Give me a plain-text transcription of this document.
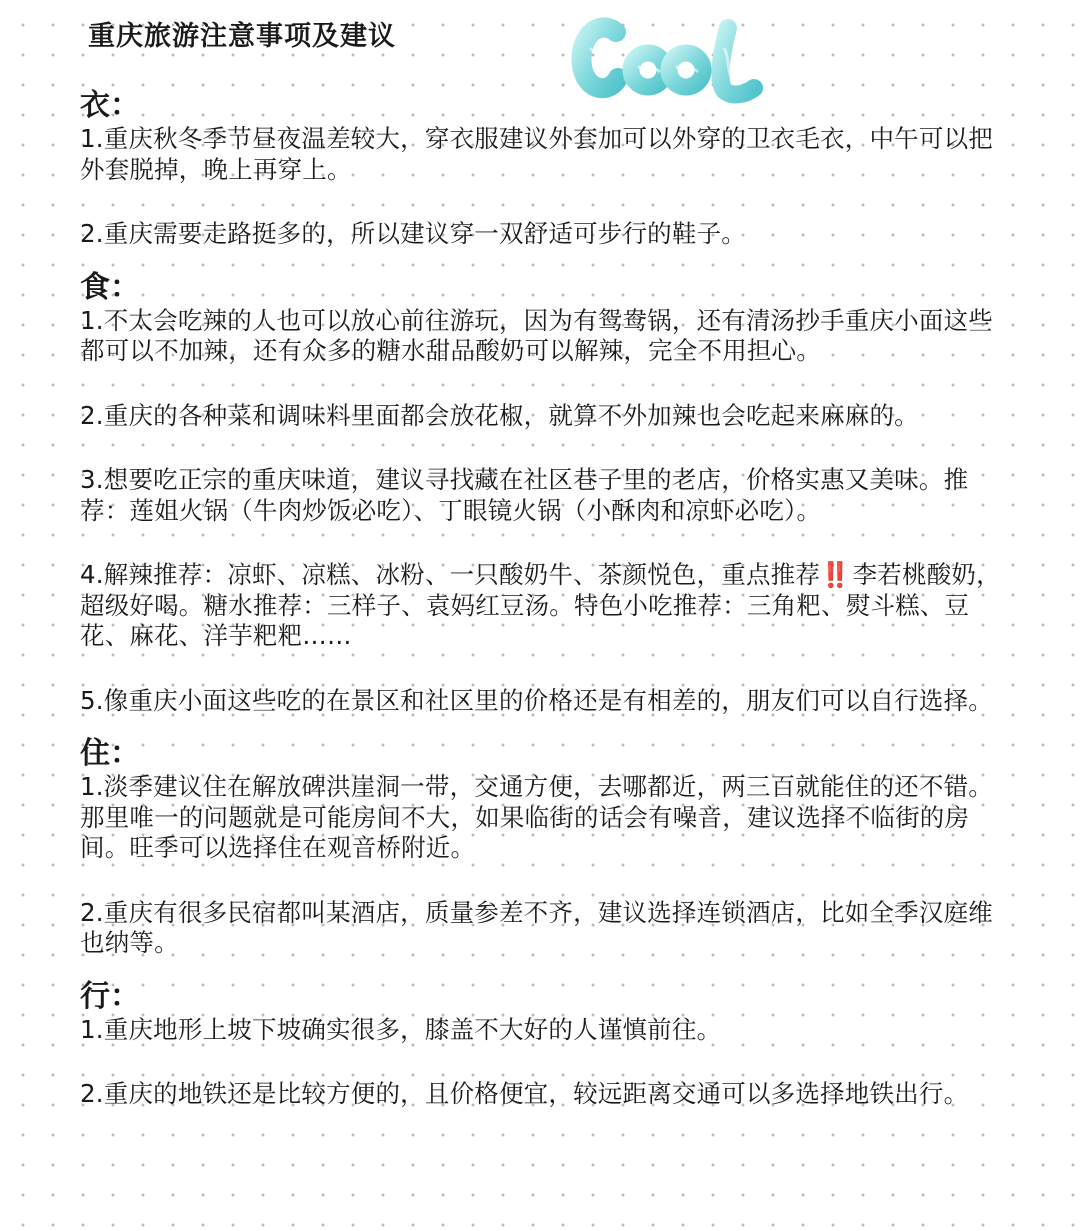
重庆旅游注意事项及建议
衣：

1.重庆秋冬季节昼夜温差较大，穿衣服建议外套加可以外穿的卫衣毛衣，中午可以把外套脱掉，晚上再穿上。

2.重庆需要走路挺多的，所以建议穿一双舒适可步行的鞋子。

食：

1.不太会吃辣的人也可以放心前往游玩，因为有鸳鸯锅，还有清汤抄手重庆小面这些都可以不加辣，还有众多的糖水甜品酸奶可以解辣，完全不用担心。

2.重庆的各种菜和调味料里面都会放花椒，就算不外加辣也会吃起来麻麻的。

3.想要吃正宗的重庆味道，建议寻找藏在社区巷子里的老店，价格实惠又美味。推荐：莲姐火锅（牛肉炒饭必吃）、丁眼镜火锅（小酥肉和凉虾必吃）。

4.解辣推荐：凉虾、凉糕、冰粉、一只酸奶牛、茶颜悦色，重点推荐‼️ 李若桃酸奶，超级好喝。糖水推荐：三样子、袁妈红豆汤。特色小吃推荐：三角粑、熨斗糕、豆花、麻花、洋芋粑粑……

5.像重庆小面这些吃的在景区和社区里的价格还是有相差的，朋友们可以自行选择。

住：

1.淡季建议住在解放碑洪崖洞一带，交通方便，去哪都近，两三百就能住的还不错。那里唯一的问题就是可能房间不大，如果临街的话会有噪音，建议选择不临街的房间。旺季可以选择住在观音桥附近。

2.重庆有很多民宿都叫某酒店，质量参差不齐，建议选择连锁酒店，比如全季汉庭维也纳等。

行：

1.重庆地形上坡下坡确实很多，膝盖不大好的人谨慎前往。

2.重庆的地铁还是比较方便的，且价格便宜，较远距离交通可以多选择地铁出行。
